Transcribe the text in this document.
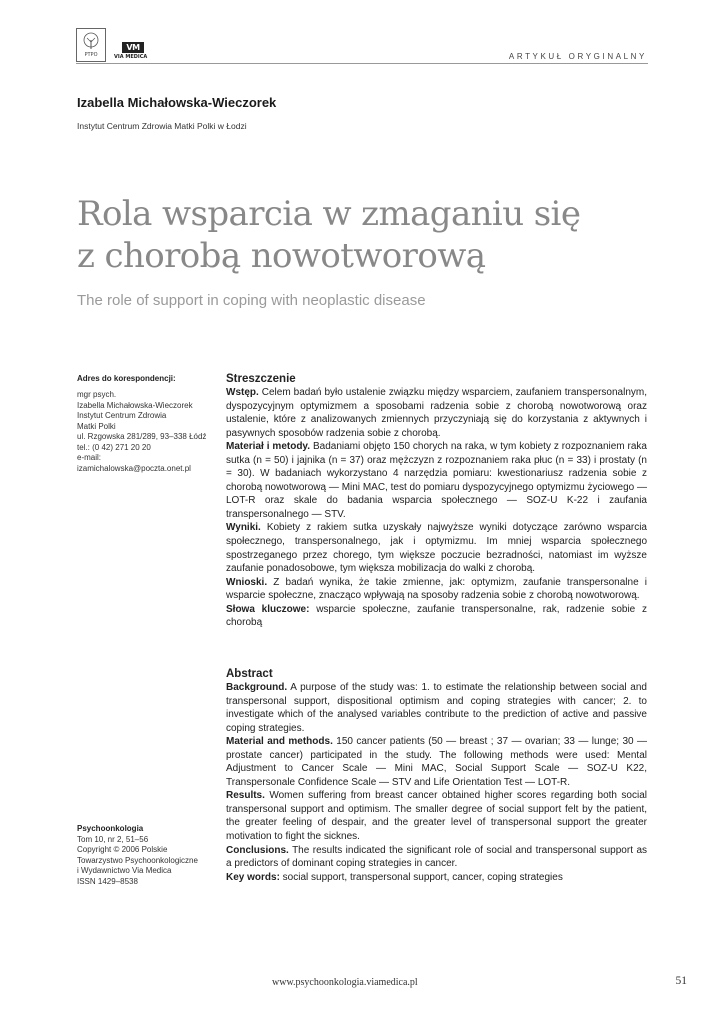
PTPO
VM
VIA MEDICA	ARTYKUŁ ORYGINALNY
Izabella Michałowska-Wieczorek
Instytut Centrum Zdrowia Matki Polki w Łodzi
Rola wsparcia w zmaganiu się
z chorobą nowotworową
The role of support in coping with neoplastic disease
Adres do korespondencji:
mgr psych.
Izabella Michałowska-Wieczorek
Instytut Centrum Zdrowia
Matki Polki
ul. Rzgowska 281/289, 93–338 Łódź
tel.: (0 42) 271 20 20
e-mail:
izamichalowska@poczta.onet.pl
Psychoonkologia
Tom 10, nr 2, 51–56
Copyright © 2006 Polskie
Towarzystwo Psychoonkologiczne
i Wydawnictwo Via Medica
ISSN 1429–8538
Streszczenie

Wstęp. Celem badań było ustalenie związku między wsparciem, zaufaniem transpersonalnym, dyspozycyjnym optymizmem a sposobami radzenia sobie z chorobą nowotworową oraz ustalenie, które z analizowanych zmiennych przyczyniają się do korzystania z aktywnych i pasywnych sposobów radzenia sobie z chorobą.

Materiał i metody. Badaniami objęto 150 chorych na raka, w tym kobiety z rozpoznaniem raka sutka (n = 50) i jajnika (n = 37) oraz mężczyzn z rozpoznaniem raka płuc (n = 33) i prostaty (n = 30). W badaniach wykorzystano 4 narzędzia pomiaru: kwestionariusz radzenia sobie z chorobą nowotworową — Mini MAC, test do pomiaru dyspozycyjnego optymizmu życiowego — LOT-R oraz skale do badania wsparcia społecznego — SOZ-U K-22 i zaufania transpersonalnego — STV.

Wyniki. Kobiety z rakiem sutka uzyskały najwyższe wyniki dotyczące zarówno wsparcia społecznego, transpersonalnego, jak i optymizmu. Im mniej wsparcia społecznego spostrzeganego przez chorego, tym większe poczucie bezradności, natomiast im wyższe zaufanie ponadosobowe, tym większa mobilizacja do walki z chorobą.

Wnioski. Z badań wynika, że takie zmienne, jak: optymizm, zaufanie transpersonalne i wsparcie społeczne, znacząco wpływają na sposoby radzenia sobie z chorobą nowotworową.

Słowa kluczowe: wsparcie społeczne, zaufanie transpersonalne, rak, radzenie sobie z chorobą

Abstract

Background. A purpose of the study was: 1. to estimate the relationship between social and transpersonal support, dispositional optimism and coping strategies with cancer; 2. to investigate which of the analysed variables contribute to the prediction of active and passive coping strategies.

Material and methods. 150 cancer patients (50 — breast ; 37 — ovarian; 33 — lunge; 30 — prostate cancer) participated in the study. The following methods were used: Mental Adjustment to Cancer Scale — Mini MAC, Social Support Scale — SOZ-U K22, Transpersonale Confidence Scale — STV and Life Orientation Test — LOT-R.

Results. Women suffering from breast cancer obtained higher scores regarding both social transpersonal support and optimism. The smaller degree of social support felt by the patient, the greater feeling of despair, and the greater level of transpersonal support the greater motivation to fight the sicknes.

Conclusions. The results indicated the significant role of social and transpersonal support as a predictors of dominant coping strategies in cancer.

Key words: social support, transpersonal support, cancer, coping strategies

www.psychoonkologia.viamedica.pl	51
